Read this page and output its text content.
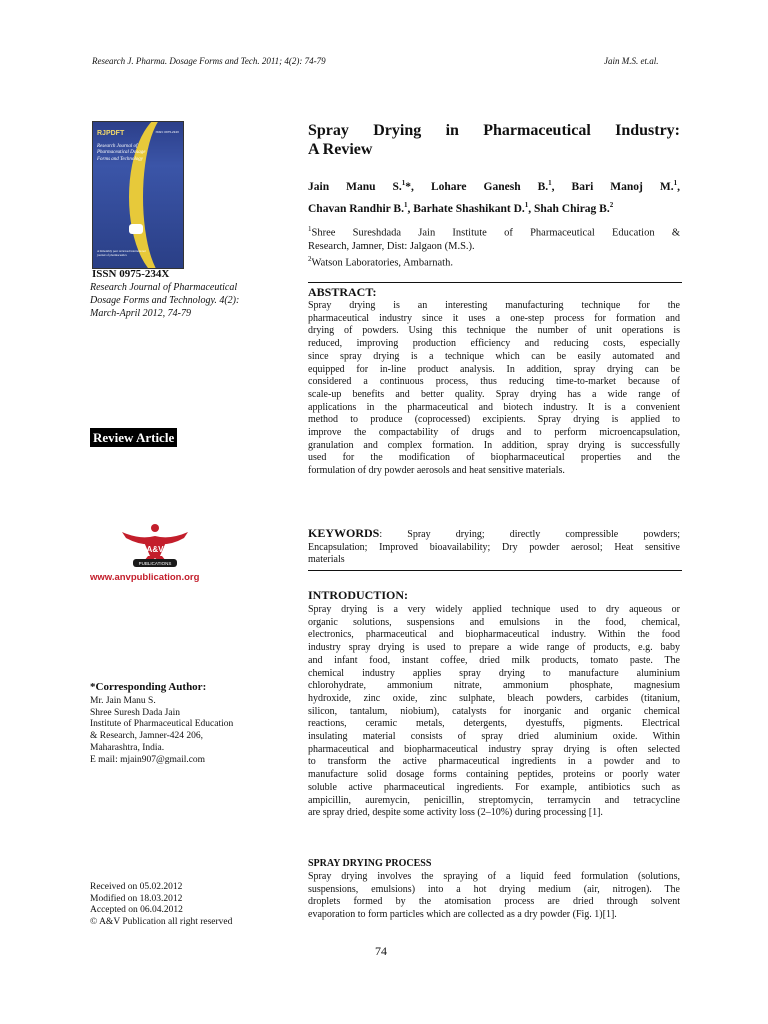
Research J. Pharma. Dosage Forms and Tech. 2011; 4(2): 74-79	Jain M.S. et.al.
RJPDFT	ISSN: 0975-234X
Research Journal of Pharmaceutical Dosage Forms and Technology
A bimonthly peer reviewed international journal of pharmaceutics
ISSN 0975-234X
Research Journal of Pharmaceutical
Dosage Forms and Technology. 4(2):
March-April 2012, 74-79
Review Article
A&V
PUBLICATIONS
www.anvpublication.org
*Corresponding Author:
Mr. Jain Manu S.
Shree Suresh Dada Jain
Institute of Pharmaceutical Education
& Research, Jamner-424 206,
Maharashtra, India.
E mail: mjain907@gmail.com
Received on 05.02.2012
Modified on 18.03.2012
Accepted on 06.04.2012
© A&V Publication all right reserved
Spray Drying in Pharmaceutical Industry:
A Review
Jain Manu S.$^1$*, Lohare Ganesh B.$^1$, Bari Manoj M.$^1$,
Chavan Randhir B.$^1$, Barhate Shashikant D.$^1$, Shah Chirag B.$^2$
$^1$Shree Sureshdada Jain Institute of Pharmaceutical Education &
Research, Jamner, Dist: Jalgaon (M.S.).
$^2$Watson Laboratories, Ambarnath.
ABSTRACT:
Spray drying is an interesting manufacturing technique for the
pharmaceutical industry since it uses a one-step process for formation and
drying of powders. Using this technique the number of unit operations is
reduced, improving production efficiency and reducing costs, especially
since spray drying is a technique which can be easily automated and
equipped for in-line product analysis. In addition, spray drying can be
considered a continuous process, thus reducing time-to-market because of
scale-up benefits and better quality. Spray drying has a wide range of
applications in the pharmaceutical and biotech industry. It is a convenient
method to produce (coprocessed) excipients. Spray drying is applied to
improve the compactability of drugs and to perform microencapsulation,
granulation and complex formation. In addition, spray drying is successfully
used for the modification of biopharmaceutical properties and the
formulation of dry powder aerosols and heat sensitive materials.
KEYWORDS: Spray drying; directly compressible powders;
Encapsulation; Improved bioavailability; Dry powder aerosol; Heat sensitive
materials
INTRODUCTION:
Spray drying is a very widely applied technique used to dry aqueous or
organic solutions, suspensions and emulsions in the food, chemical,
electronics, pharmaceutical and biopharmaceutical industry. Within the food
industry spray drying is used to prepare a wide range of products, e.g. baby
and infant food, instant coffee, dried milk products, tomato paste. The
chemical industry applies spray drying to manufacture aluminium
chlorohydrate, ammonium nitrate, ammonium phosphate, magnesium
hydroxide, zinc oxide, zinc sulphate, bleach powders, carbides (titanium,
silicon, tantalum, niobium), catalysts for inorganic and organic chemical
reactions, ceramic metals, detergents, dyestuffs, pigments. Electrical
insulating material consists of spray dried aluminium oxide. Within
pharmaceutical and biopharmaceutical industry spray drying is often selected
to transform the active pharmaceutical ingredients in a powder and to
manufacture solid dosage forms containing peptides, proteins or poorly water
soluble active pharmaceutical ingredients. For example, antibiotics such as
ampicillin, auremycin, penicillin, streptomycin, terramycin and tetracycline
are spray dried, despite some activity loss (2–10%) during processing [1].
SPRAY DRYING PROCESS
Spray drying involves the spraying of a liquid feed formulation (solutions,
suspensions, emulsions) into a hot drying medium (air, nitrogen). The
droplets formed by the atomisation process are dried through solvent
evaporation to form particles which are collected as a dry powder (Fig. 1)[1].
74
